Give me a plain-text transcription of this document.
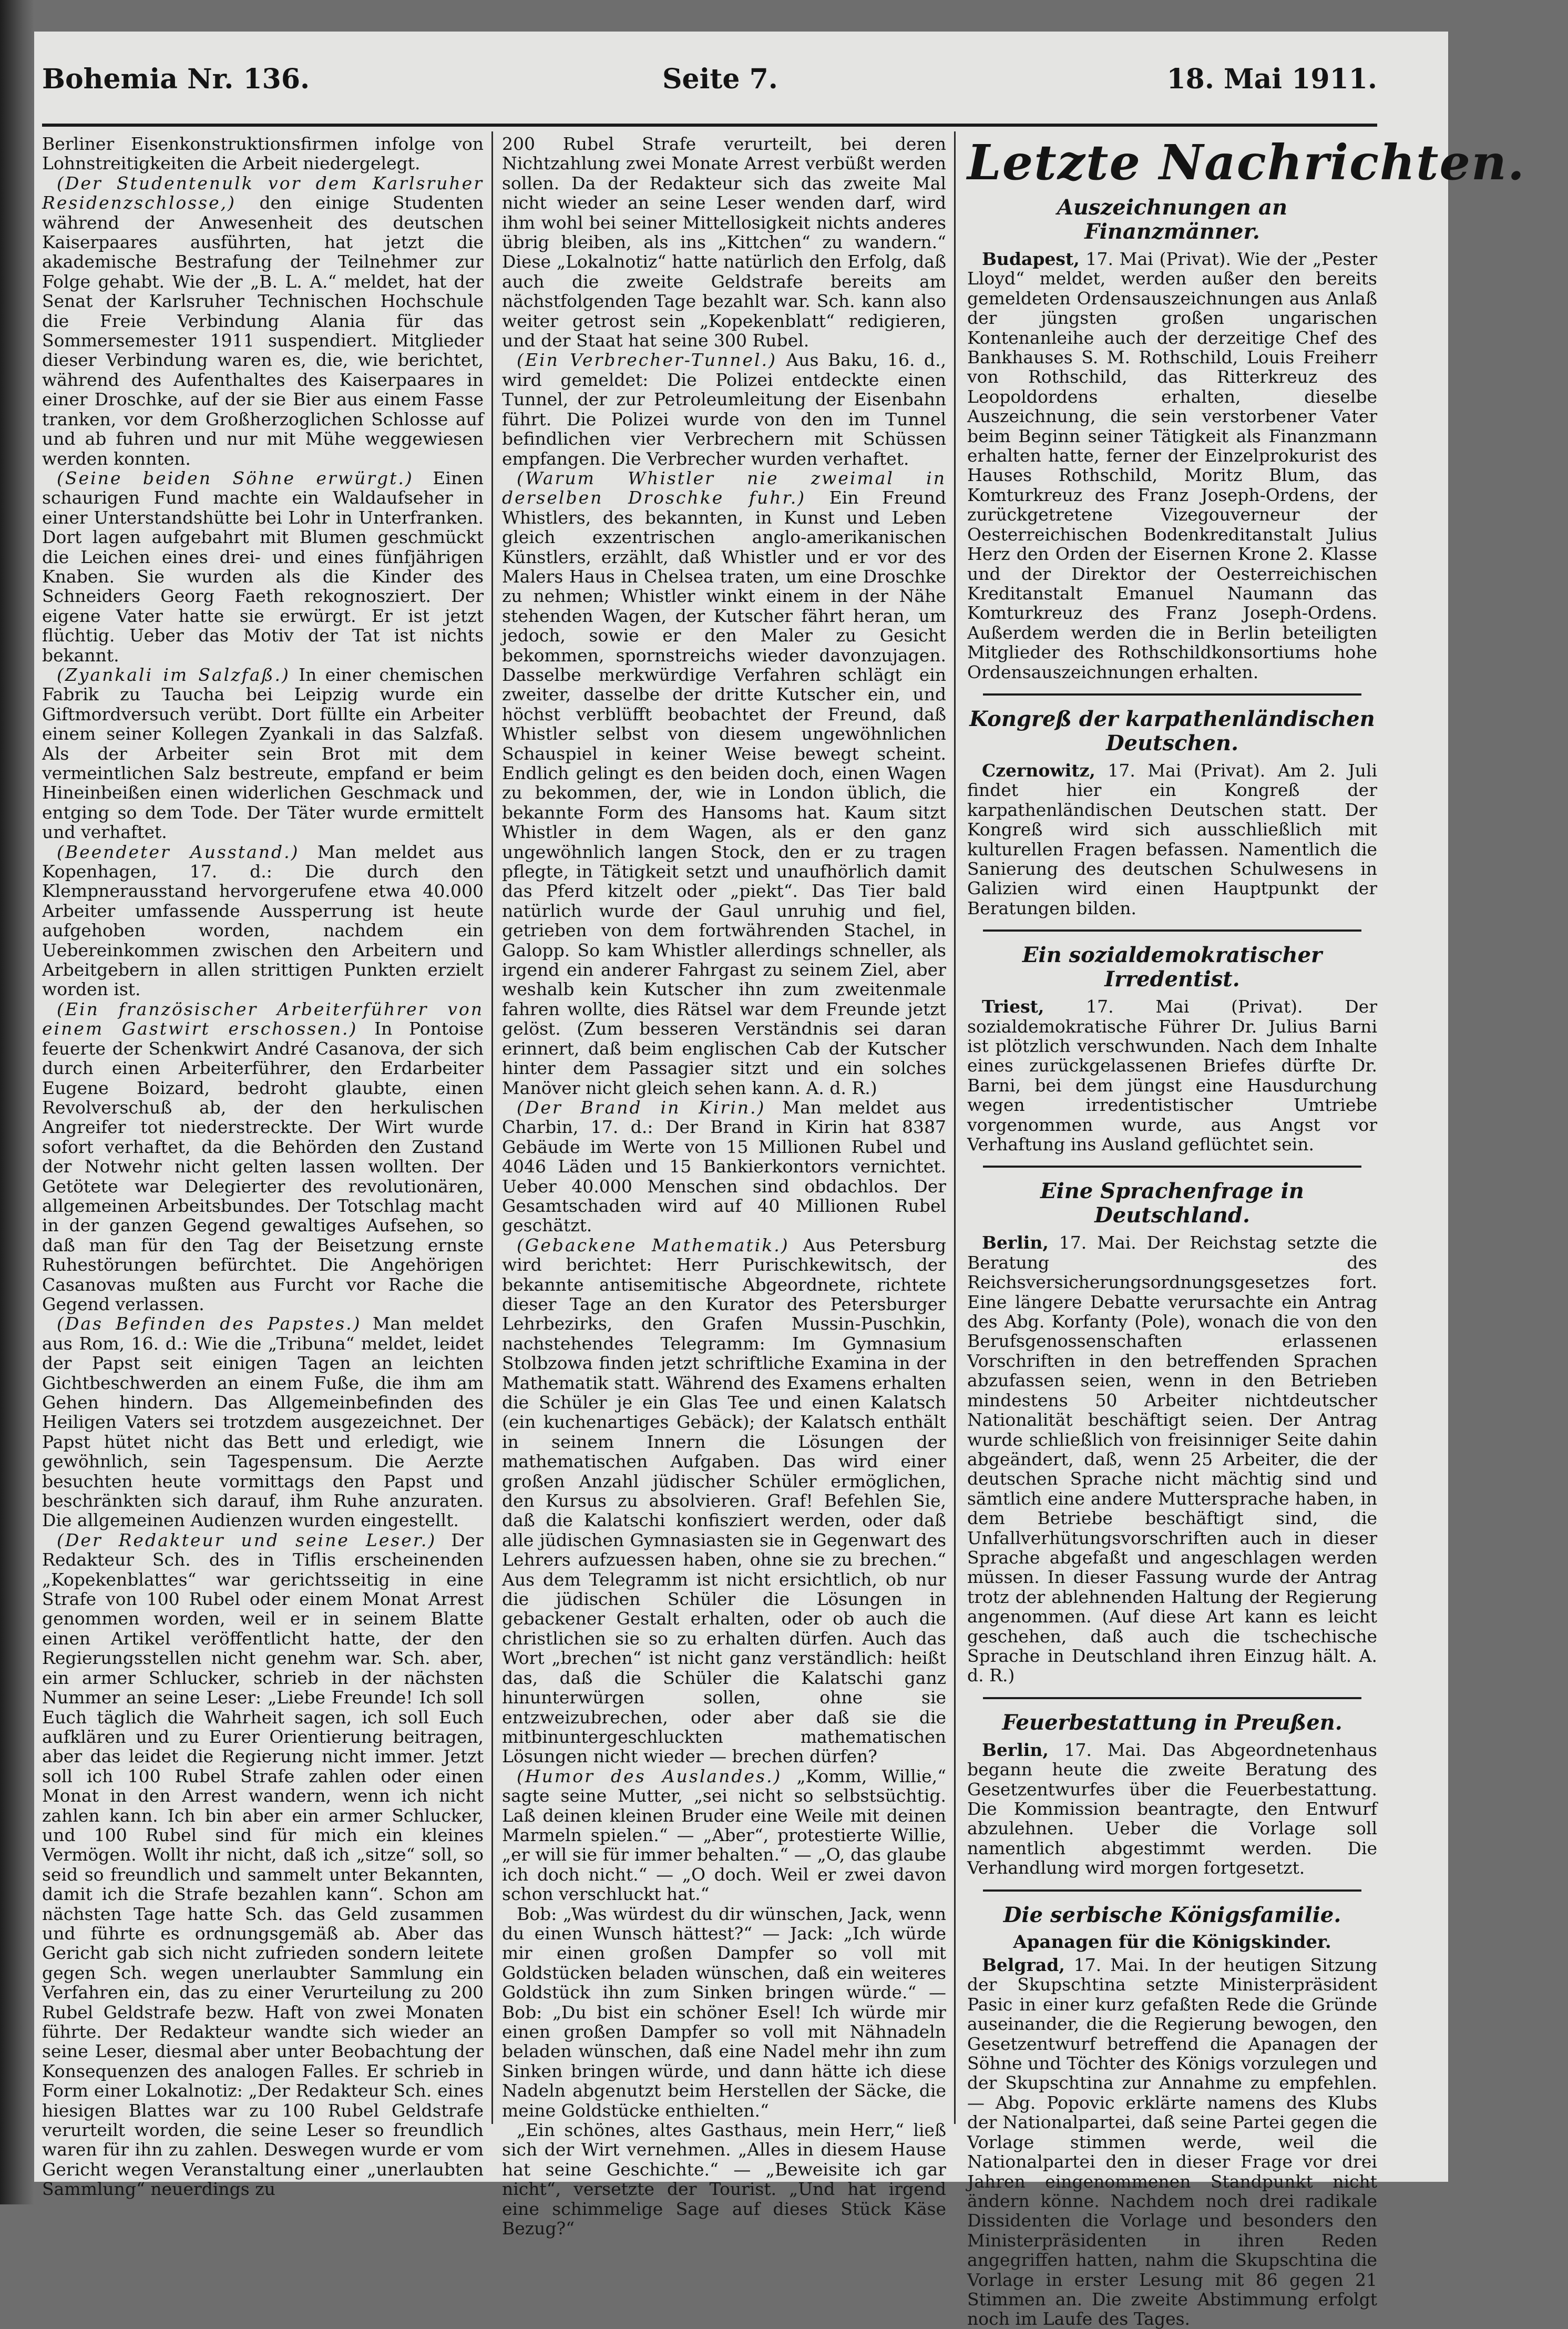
Bohemia Nr. 136.	Seite 7.	18. Mai 1911.

Berliner Eisenkonstruktionsfirmen infolge von Lohnstreitigkeiten die Arbeit niedergelegt.

(Der Studentenulk vor dem Karlsruher Residenzschlosse,) den einige Studenten während der Anwesenheit des deutschen Kaiserpaares ausführten, hat jetzt die akademische Bestrafung der Teilnehmer zur Folge gehabt. Wie der „B. L. A.“ meldet, hat der Senat der Karlsruher Technischen Hochschule die Freie Verbindung Alania für das Sommersemester 1911 suspendiert. Mitglieder dieser Verbindung waren es, die, wie berichtet, während des Aufenthaltes des Kaiserpaares in einer Droschke, auf der sie Bier aus einem Fasse tranken, vor dem Großherzoglichen Schlosse auf und ab fuhren und nur mit Mühe weggewiesen werden konnten.

(Seine beiden Söhne erwürgt.) Einen schaurigen Fund machte ein Waldaufseher in einer Unterstandshütte bei Lohr in Unterfranken. Dort lagen aufgebahrt mit Blumen geschmückt die Leichen eines drei- und eines fünfjährigen Knaben. Sie wurden als die Kinder des Schneiders Georg Faeth rekognosziert. Der eigene Vater hatte sie erwürgt. Er ist jetzt flüchtig. Ueber das Motiv der Tat ist nichts bekannt.

(Zyankali im Salzfaß.) In einer chemischen Fabrik zu Taucha bei Leipzig wurde ein Giftmordversuch verübt. Dort füllte ein Arbeiter einem seiner Kollegen Zyankali in das Salzfaß. Als der Arbeiter sein Brot mit dem vermeintlichen Salz bestreute, empfand er beim Hineinbeißen einen widerlichen Geschmack und entging so dem Tode. Der Täter wurde ermittelt und verhaftet.

(Beendeter Ausstand.) Man meldet aus Kopenhagen, 17. d.: Die durch den Klempnerausstand hervorgerufene etwa 40.000 Arbeiter umfassende Aussperrung ist heute aufgehoben worden, nachdem ein Uebereinkommen zwischen den Arbeitern und Arbeitgebern in allen strittigen Punkten erzielt worden ist.

(Ein französischer Arbeiterführer von einem Gastwirt erschossen.) In Pontoise feuerte der Schenkwirt André Casanova, der sich durch einen Arbeiterführer, den Erdarbeiter Eugene Boizard, bedroht glaubte, einen Revolverschuß ab, der den herkulischen Angreifer tot niederstreckte. Der Wirt wurde sofort verhaftet, da die Behörden den Zustand der Notwehr nicht gelten lassen wollten. Der Getötete war Delegierter des revolutionären, allgemeinen Arbeitsbundes. Der Totschlag macht in der ganzen Gegend gewaltiges Aufsehen, so daß man für den Tag der Beisetzung ernste Ruhestörungen befürchtet. Die Angehörigen Casanovas mußten aus Furcht vor Rache die Gegend verlassen.

(Das Befinden des Papstes.) Man meldet aus Rom, 16. d.: Wie die „Tribuna“ meldet, leidet der Papst seit einigen Tagen an leichten Gichtbeschwerden an einem Fuße, die ihm am Gehen hindern. Das Allgemeinbefinden des Heiligen Vaters sei trotzdem ausgezeichnet. Der Papst hütet nicht das Bett und erledigt, wie gewöhnlich, sein Tagespensum. Die Aerzte besuchten heute vormittags den Papst und beschränkten sich darauf, ihm Ruhe anzuraten. Die allgemeinen Audienzen wurden eingestellt.

(Der Redakteur und seine Leser.) Der Redakteur Sch. des in Tiflis erscheinenden „Kopekenblattes“ war gerichtsseitig in eine Strafe von 100 Rubel oder einem Monat Arrest genommen worden, weil er in seinem Blatte einen Artikel veröffentlicht hatte, der den Regierungsstellen nicht genehm war. Sch. aber, ein armer Schlucker, schrieb in der nächsten Nummer an seine Leser: „Liebe Freunde! Ich soll Euch täglich die Wahrheit sagen, ich soll Euch aufklären und zu Eurer Orientierung beitragen, aber das leidet die Regierung nicht immer. Jetzt soll ich 100 Rubel Strafe zahlen oder einen Monat in den Arrest wandern, wenn ich nicht zahlen kann. Ich bin aber ein armer Schlucker, und 100 Rubel sind für mich ein kleines Vermögen. Wollt ihr nicht, daß ich „sitze“ soll, so seid so freundlich und sammelt unter Bekannten, damit ich die Strafe bezahlen kann“. Schon am nächsten Tage hatte Sch. das Geld zusammen und führte es ordnungsgemäß ab. Aber das Gericht gab sich nicht zufrieden sondern leitete gegen Sch. wegen unerlaubter Sammlung ein Verfahren ein, das zu einer Verurteilung zu 200 Rubel Geldstrafe bezw. Haft von zwei Monaten führte. Der Redakteur wandte sich wieder an seine Leser, diesmal aber unter Beobachtung der Konsequenzen des analogen Falles. Er schrieb in Form einer Lokalnotiz: „Der Redakteur Sch. eines hiesigen Blattes war zu 100 Rubel Geldstrafe verurteilt worden, die seine Leser so freundlich waren für ihn zu zahlen. Deswegen wurde er vom Gericht wegen Veranstaltung einer „unerlaubten Sammlung“ neuerdings zu

200 Rubel Strafe verurteilt, bei deren Nichtzahlung zwei Monate Arrest verbüßt werden sollen. Da der Redakteur sich das zweite Mal nicht wieder an seine Leser wenden darf, wird ihm wohl bei seiner Mittellosigkeit nichts anderes übrig bleiben, als ins „Kittchen“ zu wandern.“ Diese „Lokalnotiz“ hatte natürlich den Erfolg, daß auch die zweite Geldstrafe bereits am nächstfolgenden Tage bezahlt war. Sch. kann also weiter getrost sein „Kopekenblatt“ redigieren, und der Staat hat seine 300 Rubel.

(Ein Verbrecher-Tunnel.) Aus Baku, 16. d., wird gemeldet: Die Polizei entdeckte einen Tunnel, der zur Petroleumleitung der Eisenbahn führt. Die Polizei wurde von den im Tunnel befindlichen vier Verbrechern mit Schüssen empfangen. Die Verbrecher wurden verhaftet.

(Warum Whistler nie zweimal in derselben Droschke fuhr.) Ein Freund Whistlers, des bekannten, in Kunst und Leben gleich exzentrischen anglo-amerikanischen Künstlers, erzählt, daß Whistler und er vor des Malers Haus in Chelsea traten, um eine Droschke zu nehmen; Whistler winkt einem in der Nähe stehenden Wagen, der Kutscher fährt heran, um jedoch, sowie er den Maler zu Gesicht bekommen, spornstreichs wieder davonzujagen. Dasselbe merkwürdige Verfahren schlägt ein zweiter, dasselbe der dritte Kutscher ein, und höchst verblüfft beobachtet der Freund, daß Whistler selbst von diesem ungewöhnlichen Schauspiel in keiner Weise bewegt scheint. Endlich gelingt es den beiden doch, einen Wagen zu bekommen, der, wie in London üblich, die bekannte Form des Hansoms hat. Kaum sitzt Whistler in dem Wagen, als er den ganz ungewöhnlich langen Stock, den er zu tragen pflegte, in Tätigkeit setzt und unaufhörlich damit das Pferd kitzelt oder „piekt“. Das Tier bald natürlich wurde der Gaul unruhig und fiel, getrieben von dem fortwährenden Stachel, in Galopp. So kam Whistler allerdings schneller, als irgend ein anderer Fahrgast zu seinem Ziel, aber weshalb kein Kutscher ihn zum zweitenmale fahren wollte, dies Rätsel war dem Freunde jetzt gelöst. (Zum besseren Verständnis sei daran erinnert, daß beim englischen Cab der Kutscher hinter dem Passagier sitzt und ein solches Manöver nicht gleich sehen kann. A. d. R.)

(Der Brand in Kirin.) Man meldet aus Charbin, 17. d.: Der Brand in Kirin hat 8387 Gebäude im Werte von 15 Millionen Rubel und 4046 Läden und 15 Bankierkontors vernichtet. Ueber 40.000 Menschen sind obdachlos. Der Gesamtschaden wird auf 40 Millionen Rubel geschätzt.

(Gebackene Mathematik.) Aus Petersburg wird berichtet: Herr Purischkewitsch, der bekannte antisemitische Abgeordnete, richtete dieser Tage an den Kurator des Petersburger Lehrbezirks, den Grafen Mussin-Puschkin, nachstehendes Telegramm: Im Gymnasium Stolbzowa finden jetzt schriftliche Examina in der Mathematik statt. Während des Examens erhalten die Schüler je ein Glas Tee und einen Kalatsch (ein kuchenartiges Gebäck); der Kalatsch enthält in seinem Innern die Lösungen der mathematischen Aufgaben. Das wird einer großen Anzahl jüdischer Schüler ermöglichen, den Kursus zu absolvieren. Graf! Befehlen Sie, daß die Kalatschi konfisziert werden, oder daß alle jüdischen Gymnasiasten sie in Gegenwart des Lehrers aufzuessen haben, ohne sie zu brechen.“ Aus dem Telegramm ist nicht ersichtlich, ob nur die jüdischen Schüler die Lösungen in gebackener Gestalt erhalten, oder ob auch die christlichen sie so zu erhalten dürfen. Auch das Wort „brechen“ ist nicht ganz verständlich: heißt das, daß die Schüler die Kalatschi ganz hinunterwürgen sollen, ohne sie entzweizubrechen, oder aber daß sie die mitbinuntergeschluckten mathematischen Lösungen nicht wieder — brechen dürfen?

(Humor des Auslandes.) „Komm, Willie,“ sagte seine Mutter, „sei nicht so selbstsüchtig. Laß deinen kleinen Bruder eine Weile mit deinen Marmeln spielen.“ — „Aber“, protestierte Willie, „er will sie für immer behalten.“ — „O, das glaube ich doch nicht.“ — „O doch. Weil er zwei davon schon verschluckt hat.“

Bob: „Was würdest du dir wünschen, Jack, wenn du einen Wunsch hättest?“ — Jack: „Ich würde mir einen großen Dampfer so voll mit Goldstücken beladen wünschen, daß ein weiteres Goldstück ihn zum Sinken bringen würde.“ — Bob: „Du bist ein schöner Esel! Ich würde mir einen großen Dampfer so voll mit Nähnadeln beladen wünschen, daß eine Nadel mehr ihn zum Sinken bringen würde, und dann hätte ich diese Nadeln abgenutzt beim Herstellen der Säcke, die meine Goldstücke enthielten.“

„Ein schönes, altes Gasthaus, mein Herr,“ ließ sich der Wirt vernehmen. „Alles in diesem Hause hat seine Geschichte.“ — „Beweisite ich gar nicht“, versetzte der Tourist. „Und hat irgend eine schimmelige Sage auf dieses Stück Käse Bezug?“

Letzte Nachrichten.
Auszeichnungen an Finanzmänner.

Budapest, 17. Mai (Privat). Wie der „Pester Lloyd“ meldet, werden außer den bereits gemeldeten Ordensauszeichnungen aus Anlaß der jüngsten großen ungarischen Kontenanleihe auch der derzeitige Chef des Bankhauses S. M. Rothschild, Louis Freiherr von Rothschild, das Ritterkreuz des Leopoldordens erhalten, dieselbe Auszeichnung, die sein verstorbener Vater beim Beginn seiner Tätigkeit als Finanzmann erhalten hatte, ferner der Einzelprokurist des Hauses Rothschild, Moritz Blum, das Komturkreuz des Franz Joseph-Ordens, der zurückgetretene Vizegouverneur der Oesterreichischen Bodenkreditanstalt Julius Herz den Orden der Eisernen Krone 2. Klasse und der Direktor der Oesterreichischen Kreditanstalt Emanuel Naumann das Komturkreuz des Franz Joseph-Ordens. Außerdem werden die in Berlin beteiligten Mitglieder des Rothschildkonsortiums hohe Ordensauszeichnungen erhalten.

Kongreß der karpathenländischen Deutschen.

Czernowitz, 17. Mai (Privat). Am 2. Juli findet hier ein Kongreß der karpathenländischen Deutschen statt. Der Kongreß wird sich ausschließlich mit kulturellen Fragen befassen. Namentlich die Sanierung des deutschen Schulwesens in Galizien wird einen Hauptpunkt der Beratungen bilden.

Ein sozialdemokratischer Irredentist.

Triest, 17. Mai (Privat). Der sozialdemokratische Führer Dr. Julius Barni ist plötzlich verschwunden. Nach dem Inhalte eines zurückgelassenen Briefes dürfte Dr. Barni, bei dem jüngst eine Hausdurchung wegen irredentistischer Umtriebe vorgenommen wurde, aus Angst vor Verhaftung ins Ausland geflüchtet sein.

Eine Sprachenfrage in Deutschland.

Berlin, 17. Mai. Der Reichstag setzte die Beratung des Reichsversicherungsordnungsgesetzes fort. Eine längere Debatte verursachte ein Antrag des Abg. Korfanty (Pole), wonach die von den Berufsgenossenschaften erlassenen Vorschriften in den betreffenden Sprachen abzufassen seien, wenn in den Betrieben mindestens 50 Arbeiter nichtdeutscher Nationalität beschäftigt seien. Der Antrag wurde schließlich von freisinniger Seite dahin abgeändert, daß, wenn 25 Arbeiter, die der deutschen Sprache nicht mächtig sind und sämtlich eine andere Muttersprache haben, in dem Betriebe beschäftigt sind, die Unfallverhütungsvorschriften auch in dieser Sprache abgefaßt und angeschlagen werden müssen. In dieser Fassung wurde der Antrag trotz der ablehnenden Haltung der Regierung angenommen. (Auf diese Art kann es leicht geschehen, daß auch die tschechische Sprache in Deutschland ihren Einzug hält. A. d. R.)

Feuerbestattung in Preußen.

Berlin, 17. Mai. Das Abgeordnetenhaus begann heute die zweite Beratung des Gesetzentwurfes über die Feuerbestattung. Die Kommission beantragte, den Entwurf abzulehnen. Ueber die Vorlage soll namentlich abgestimmt werden. Die Verhandlung wird morgen fortgesetzt.

Die serbische Königsfamilie.
Apanagen für die Königskinder.

Belgrad, 17. Mai. In der heutigen Sitzung der Skupschtina setzte Ministerpräsident Pasic in einer kurz gefaßten Rede die Gründe auseinander, die die Regierung bewogen, den Gesetzentwurf betreffend die Apanagen der Söhne und Töchter des Königs vorzulegen und der Skupschtina zur Annahme zu empfehlen. — Abg. Popovic erklärte namens des Klubs der Nationalpartei, daß seine Partei gegen die Vorlage stimmen werde, weil die Nationalpartei den in dieser Frage vor drei Jahren eingenommenen Standpunkt nicht ändern könne. Nachdem noch drei radikale Dissidenten die Vorlage und besonders den Ministerpräsidenten in ihren Reden angegriffen hatten, nahm die Skupschtina die Vorlage in erster Lesung mit 86 gegen 21 Stimmen an. Die zweite Abstimmung erfolgt noch im Laufe des Tages.
